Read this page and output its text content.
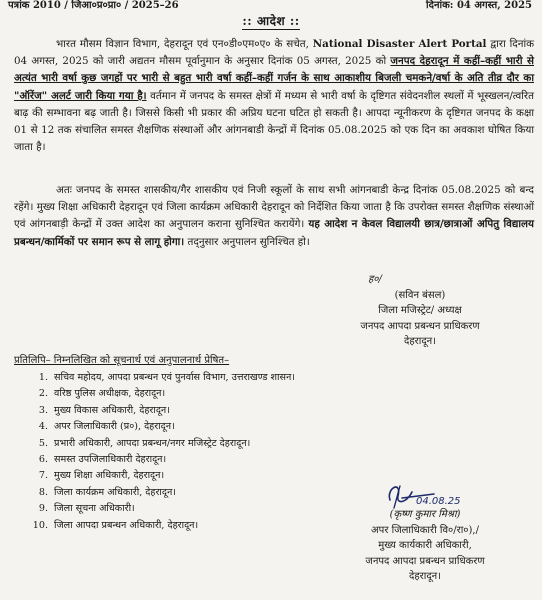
पत्रांक 2010 / जिआ०प्र०प्रा० / 2025–26	दिनांक: 04 अगस्त, 2025
:: आदेश ::
भारत मौसम विज्ञान विभाग, देहरादून एवं एन०डी०एम०ए० के सचेत, National Disaster Alert Portal द्वारा दिनांक 04 अगस्त, 2025 को जारी अद्यतन मौसम पूर्वानुमान के अनुसार दिनांक 05 अगस्त, 2025 को जनपद देहरादून में कहीं–कहीं भारी से अत्यंत भारी वर्षा कुछ जगहों पर भारी से बहुत भारी वर्षा कहीं–कहीं गर्जन के साथ आकाशीय बिजली चमकने/वर्षा के अति तीव्र दौर का "ऑरेंज" अलर्ट जारी किया गया है। वर्तमान में जनपद के समस्त क्षेत्रों में मध्यम से भारी वर्षा के दृष्टिगत संवेदनशील स्थलों में भूस्खलन/त्वरित बाढ़ की सम्भावना बढ़ जाती है। जिससे किसी भी प्रकार की अप्रिय घटना घटित हो सकती है। आपदा न्यूनीकरण के दृष्टिगत जनपद के कक्षा 01 से 12 तक संचालित समस्त शैक्षणिक संस्थाओं और आंगनबाडी केन्द्रों में दिनांक 05.08.2025 को एक दिन का अवकाश घोषित किया जाता है।
अतः जनपद के समस्त शासकीय/गैर शासकीय एवं निजी स्कूलों के साथ सभी आंगनबाडी केन्द्र दिनांक 05.08.2025 को बन्द रहेंगे। मुख्य शिक्षा अधिकारी देहरादून एवं जिला कार्यक्रम अधिकारी देहरादून को निर्देशित किया जाता है कि उपरोक्त समस्त शैक्षणिक संस्थाओं एवं आंगनबाड़ी केन्द्रों में उक्त आदेश का अनुपालन कराना सुनिश्चित करायेंगे। यह आदेश न केवल विद्यालयी छात्र/छात्राओं अपितु विद्यालय प्रबन्धन/कार्मिकों पर समान रूप से लागू होगा। तद्नुसार अनुपालन सुनिश्चित हो।
ह०/
(सविन बंसल)
जिला मजिस्ट्रेट/ अध्यक्ष
जनपद आपदा प्रबन्धन प्राधिकरण
देहरादून।
प्रतिलिपि– निम्नलिखित को सूचनार्थ एवं अनुपालनार्थ प्रेषित–
1. सचिव महोदय, आपदा प्रबन्धन एवं पुनर्वास विभाग, उत्तराखण्ड शासन।
2. वरिष्ठ पुलिस अधीक्षक, देहरादून।
3. मुख्य विकास अधिकारी, देहरादून।
4. अपर जिलाधिकारी (प्र०), देहरादून।
5. प्रभारी अधिकारी, आपदा प्रबन्धन/नगर मजिस्ट्रेट देहरादून।
6. समस्त उपजिलाधिकारी देहरादून।
7. मुख्य शिक्षा अधिकारी, देहरादून।
8. जिला कार्यक्रम अधिकारी, देहरादून।
9. जिला सूचना अधिकारी।
10. जिला आपदा प्रबन्धन अधिकारी, देहरादून।
04.08.25
(कृष्ण कुमार मिश्रा)
अपर जिलाधिकारी वि०/रा०),/
मुख्य कार्यकारी अधिकारी,
जनपद आपदा प्रबन्धन प्राधिकरण
देहरादून।
